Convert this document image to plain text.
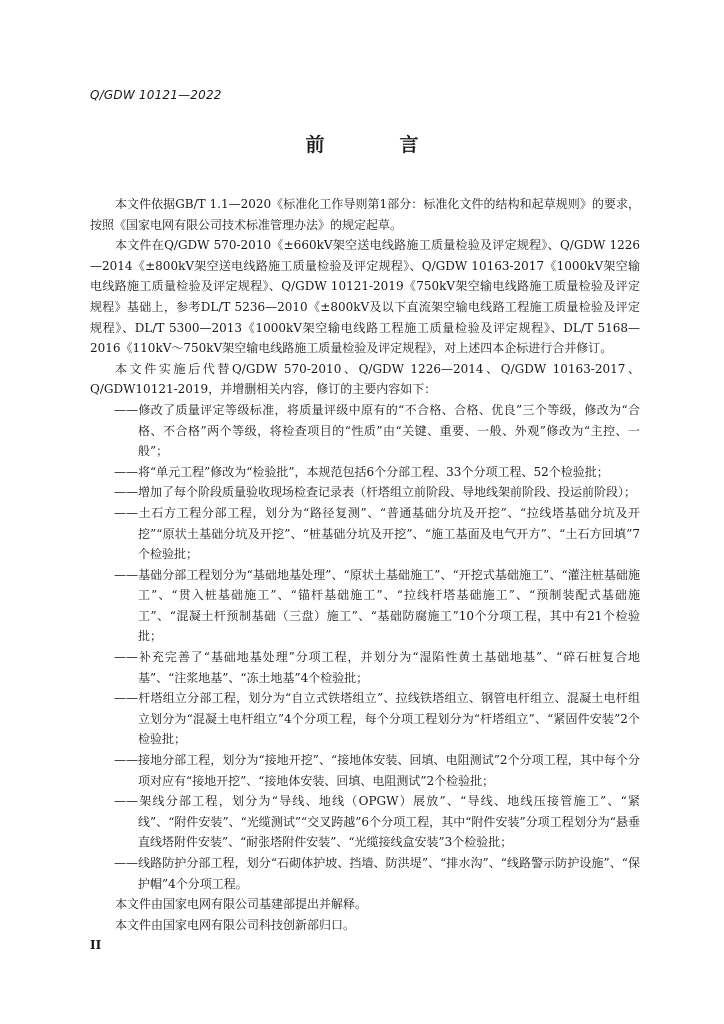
Q/GDW 10121—2022
前　言

本文件依据GB/T 1.1—2020《标准化工作导则第1部分：标准化文件的结构和起草规则》的要求，按照《国家电网有限公司技术标准管理办法》的规定起草。

本文件在Q/GDW 570-2010《±660kV架空送电线路施工质量检验及评定规程》、Q/GDW 1226—2014《±800kV架空送电线路施工质量检验及评定规程》、Q/GDW 10163-2017《1000kV架空输电线路施工质量检验及评定规程》、Q/GDW 10121-2019《750kV架空输电线路施工质量检验及评定规程》基础上，参考DL/T 5236—2010《±800kV及以下直流架空输电线路工程施工质量检验及评定规程》、DL/T 5300—2013《1000kV架空输电线路工程施工质量检验及评定规程》、DL/T 5168—2016《110kV～750kV架空输电线路施工质量检验及评定规程》，对上述四本企标进行合并修订。

本文件实施后代替Q/GDW 570-2010、Q/GDW 1226—2014、Q/GDW 10163-2017、Q/GDW10121-2019，并增删相关内容，修订的主要内容如下：

——修改了质量评定等级标准，将质量评级中原有的“不合格、合格、优良”三个等级，修改为“合格、不合格”两个等级，将检查项目的“性质”由“关键、重要、一般、外观”修改为“主控、一般”；

——将“单元工程”修改为“检验批”，本规范包括6个分部工程、33个分项工程、52个检验批；

——增加了每个阶段质量验收现场检查记录表（杆塔组立前阶段、导地线架前阶段、投运前阶段）；

——土石方工程分部工程，划分为“路径复测”、“普通基础分坑及开挖”、“拉线塔基础分坑及开挖”“原状土基础分坑及开挖”、“桩基础分坑及开挖”、“施工基面及电气开方”、“土石方回填”7个检验批；

——基础分部工程划分为“基础地基处理”、“原状土基础施工”、“开挖式基础施工”、“灌注桩基础施工”、“贯入桩基础施工”、“锚杆基础施工”、“拉线杆塔基础施工”、“预制装配式基础施工”、“混凝土杆预制基础（三盘）施工”、“基础防腐施工”10个分项工程，其中有21个检验批；

——补充完善了“基础地基处理”分项工程，并划分为“湿陷性黄土基础地基”、“碎石桩复合地基”、“注浆地基”、“冻土地基”4个检验批；

——杆塔组立分部工程，划分为“自立式铁塔组立”、拉线铁塔组立、钢管电杆组立、混凝土电杆组立划分为“混凝土电杆组立”4个分项工程，每个分项工程划分为“杆塔组立”、“紧固件安装”2个检验批；

——接地分部工程，划分为“接地开挖”、“接地体安装、回填、电阻测试”2个分项工程，其中每个分项对应有“接地开挖”、“接地体安装、回填、电阻测试”2个检验批；

——架线分部工程，划分为“导线、地线（OPGW）展放”、“导线、地线压接管施工”、“紧线”、“附件安装”、“光缆测试”“交叉跨越”6个分项工程，其中“附件安装”分项工程划分为“悬垂直线塔附件安装”、“耐张塔附件安装”、“光缆接线盒安装”3个检验批；

——线路防护分部工程，划分“石砌体护坡、挡墙、防洪堤”、“排水沟”、“线路警示防护设施”、“保护帽”4个分项工程。

本文件由国家电网有限公司基建部提出并解释。

本文件由国家电网有限公司科技创新部归口。

II
